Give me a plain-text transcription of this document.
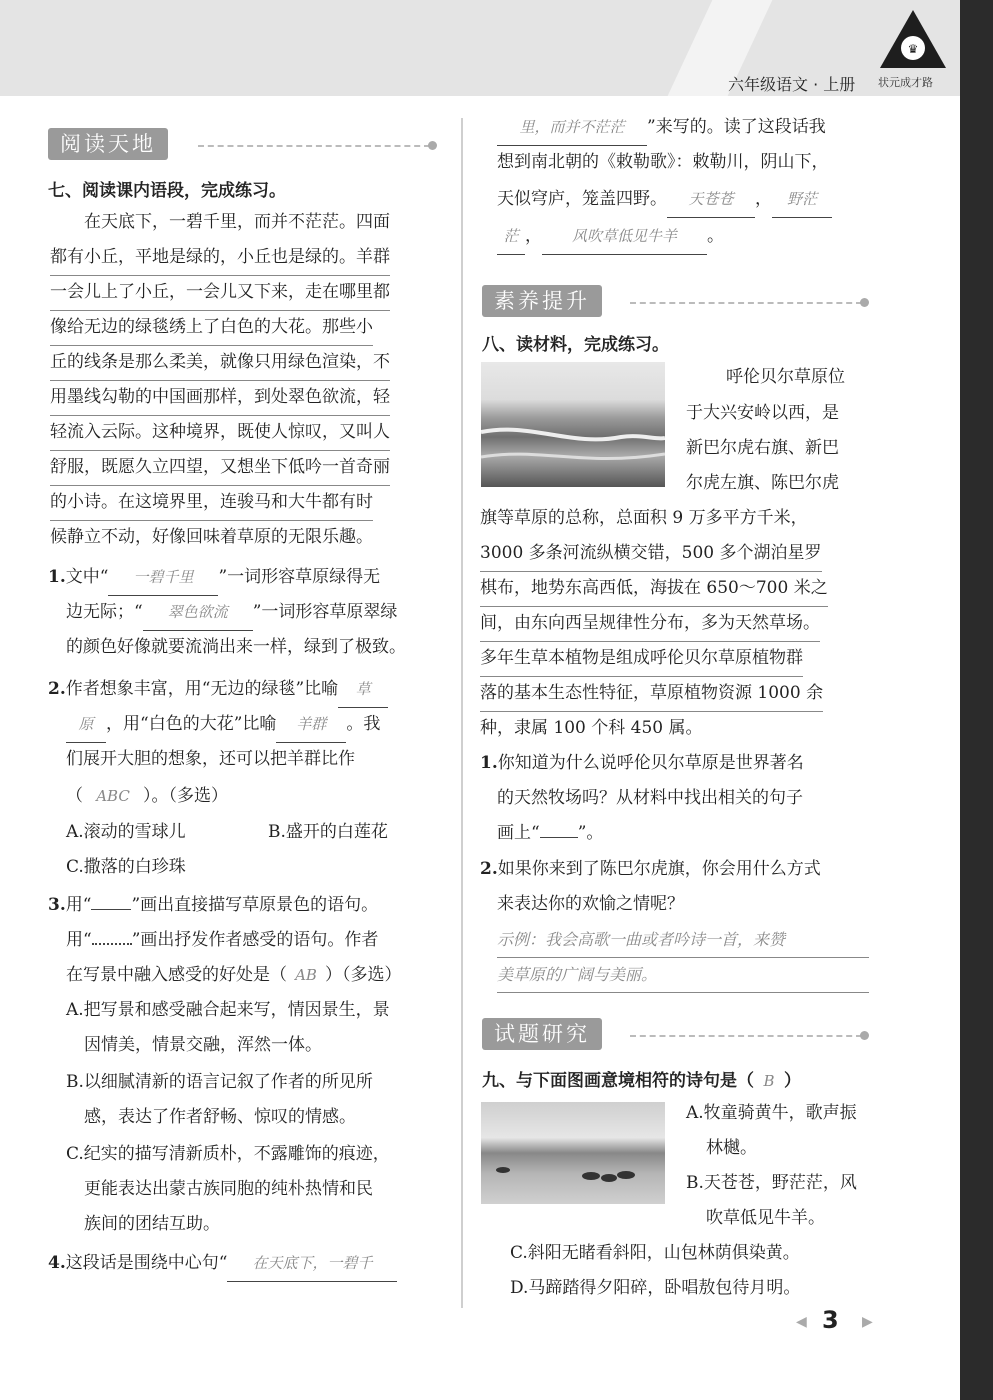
♛
六年级语文 · 上册 状元成才路
阅读天地
七、阅读课内语段，完成练习。
　　在天底下，一碧千里，而并不茫茫。四面
都有小丘，平地是绿的，小丘也是绿的。羊群
一会儿上了小丘，一会儿又下来，走在哪里都
像给无边的绿毯绣上了白色的大花。那些小
丘的线条是那么柔美，就像只用绿色渲染，不
用墨线勾勒的中国画那样，到处翠色欲流，轻
轻流入云际。这种境界，既使人惊叹，又叫人
舒服，既愿久立四望，又想坐下低吟一首奇丽
的小诗。在这境界里，连骏马和大牛都有时
候静立不动，好像回味着草原的无限乐趣。
1.文中“ 一碧千里 ”一词形容草原绿得无
边无际；“ 翠色欲流 ”一词形容草原翠绿
的颜色好像就要流淌出来一样，绿到了极致。
2.作者想象丰富，用“无边的绿毯”比喻 草
原 ，用“白色的大花”比喻 羊群 。我
们展开大胆的想象，还可以把羊群比作
（ ABC ）。（多选）
A.滚动的雪球儿	B.盛开的白莲花
C.撒落的白珍珠
3.用“ ”画出直接描写草原景色的语句。
用“ ”画出抒发作者感受的语句。作者
在写景中融入感受的好处是（ AB ）（多选）
A.把写景和感受融合起来写，情因景生，景
因情美，情景交融，浑然一体。
B.以细腻清新的语言记叙了作者的所见所
感，表达了作者舒畅、惊叹的情感。
C.纪实的描写清新质朴，不露雕饰的痕迹，
更能表达出蒙古族同胞的纯朴热情和民
族间的团结互助。
4.这段话是围绕中心句“ 在天底下，一碧千
里，而并不茫茫 ”来写的。读了这段话我
想到南北朝的《敕勒歌》：敕勒川，阴山下，
天似穹庐，笼盖四野。 天苍苍 ， 野茫
茫 ， 风吹草低见牛羊 。
素养提升
八、读材料，完成练习。
呼伦贝尔草原位
于大兴安岭以西，是
新巴尔虎右旗、新巴
尔虎左旗、陈巴尔虎
旗等草原的总称，总面积 9 万多平方千米，
3000 多条河流纵横交错，500 多个湖泊星罗
棋布，地势东高西低，海拔在 650～700 米之
间，由东向西呈规律性分布，多为天然草场。
多年生草本植物是组成呼伦贝尔草原植物群
落的基本生态性特征，草原植物资源 1000 余
种，隶属 100 个科 450 属。
1.你知道为什么说呼伦贝尔草原是世界著名
的天然牧场吗？从材料中找出相关的句子
画上“ ”。
2.如果你来到了陈巴尔虎旗，你会用什么方式
来表达你的欢愉之情呢？
示例：我会高歌一曲或者吟诗一首，来赞
美草原的广阔与美丽。
试题研究
九、与下面图画意境相符的诗句是（ B ）
A.牧童骑黄牛，歌声振
林樾。
B.天苍苍，野茫茫，风
吹草低见牛羊。
C.斜阳无睹看斜阳，山包林荫俱染黄。
D.马蹄踏得夕阳碎，卧唱敖包待月明。
◀ 3 ▶
